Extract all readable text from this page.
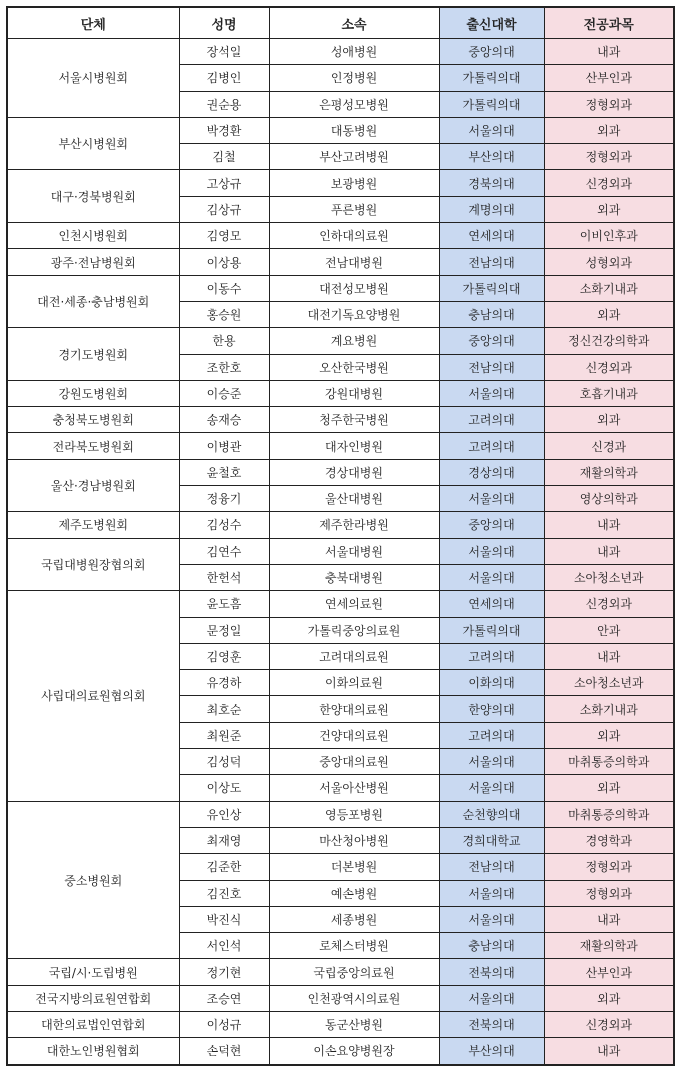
단체	성명	소속	출신대학	전공과목
서울시병원회	장석일	성애병원	중앙의대	내과
	김병인	인정병원	가톨릭의대	산부인과
	권순용	은평성모병원	가톨릭의대	정형외과
부산시병원회	박경환	대동병원	서울의대	외과
	김철	부산고려병원	부산의대	정형외과
대구·경북병원회	고상규	보광병원	경북의대	신경외과
	김상규	푸른병원	계명의대	외과
인천시병원회	김영모	인하대의료원	연세의대	이비인후과
광주·전남병원회	이상용	전남대병원	전남의대	성형외과
대전·세종·충남병원회	이동수	대전성모병원	가톨릭의대	소화기내과
	홍승원	대전기독요양병원	충남의대	외과
경기도병원회	한용	계요병원	중앙의대	정신건강의학과
	조한호	오산한국병원	전남의대	신경외과
강원도병원회	이승준	강원대병원	서울의대	호흡기내과
충청북도병원회	송재승	청주한국병원	고려의대	외과
전라북도병원회	이병관	대자인병원	고려의대	신경과
울산·경남병원회	윤철호	경상대병원	경상의대	재활의학과
	정융기	울산대병원	서울의대	영상의학과
제주도병원회	김성수	제주한라병원	중앙의대	내과
국립대병원장협의회	김연수	서울대병원	서울의대	내과
	한헌석	충북대병원	서울의대	소아청소년과
사립대의료원협의회	윤도흠	연세의료원	연세의대	신경외과
	문정일	가톨릭중앙의료원	가톨릭의대	안과
	김영훈	고려대의료원	고려의대	내과
	유경하	이화의료원	이화의대	소아청소년과
	최호순	한양대의료원	한양의대	소화기내과
	최원준	건양대의료원	고려의대	외과
	김성덕	중앙대의료원	서울의대	마취통증의학과
	이상도	서울아산병원	서울의대	외과
중소병원회	유인상	영등포병원	순천향의대	마취통증의학과
	최재영	마산청아병원	경희대학교	경영학과
	김준한	더본병원	전남의대	정형외과
	김진호	예손병원	서울의대	정형외과
	박진식	세종병원	서울의대	내과
	서인석	로체스터병원	충남의대	재활의학과
국립/시·도립병원	정기현	국립중앙의료원	전북의대	산부인과
전국지방의료원연합회	조승연	인천광역시의료원	서울의대	외과
대한의료법인연합회	이성규	동군산병원	전북의대	신경외과
대한노인병원협회	손덕현	이손요양병원장	부산의대	내과
